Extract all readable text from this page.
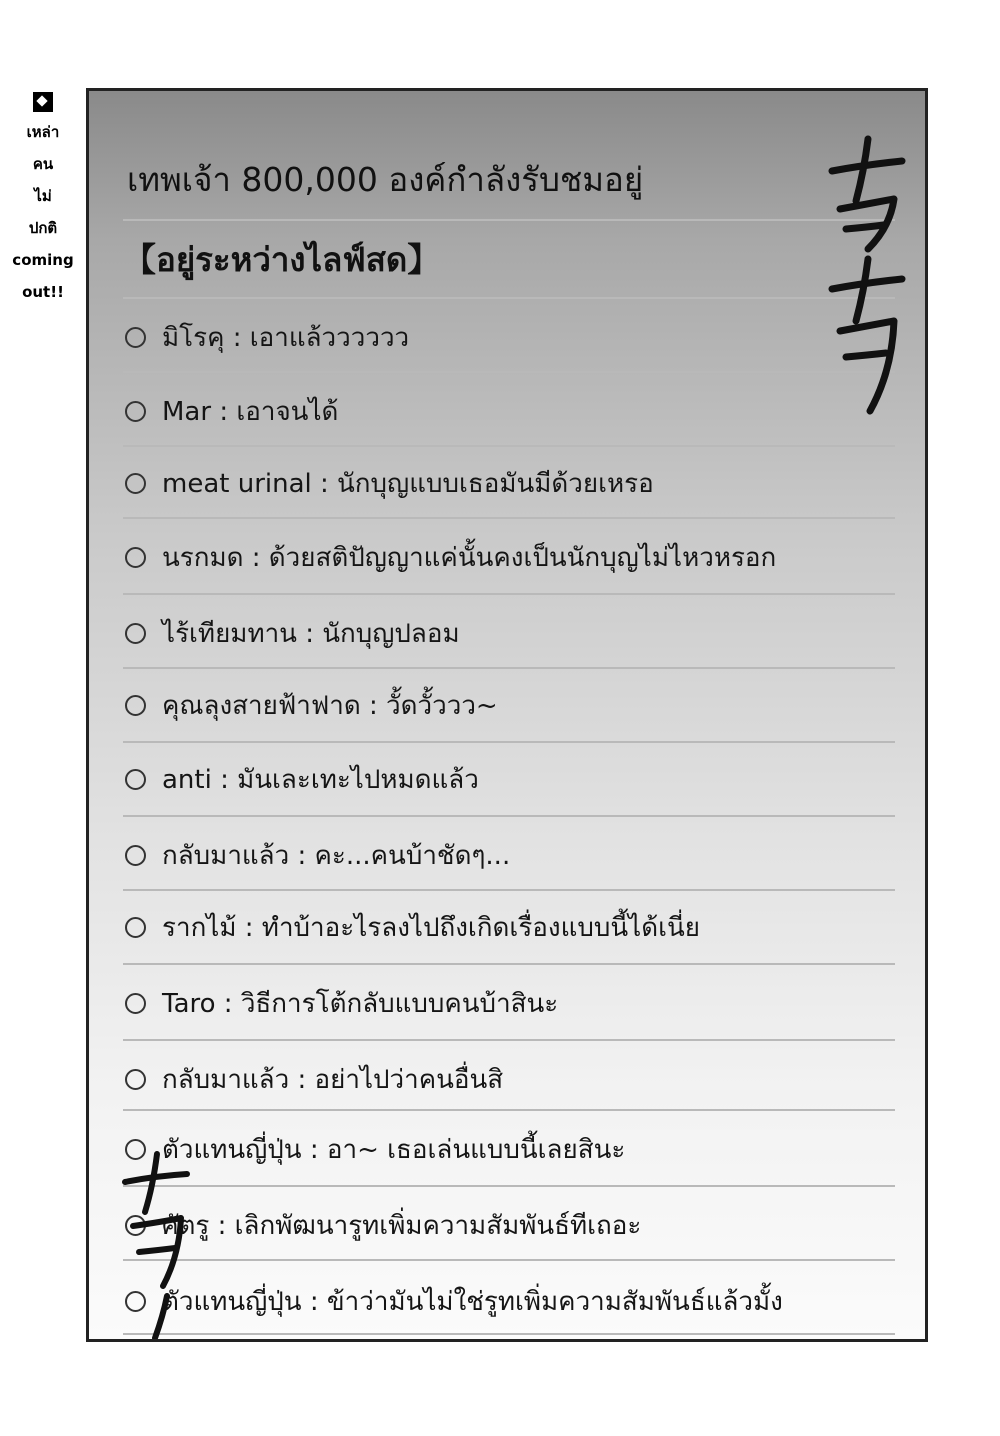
เหล่า
คน
ไม่
ปกติ
coming
out!!
เทพเจ้า 800,000 องค์กำลังรับชมอยู่
【อยู่ระหว่างไลฟ์สด】
มิโรคุ : เอาแล้วววววว
Mar : เอาจนได้
meat urinal : นักบุญแบบเธอมันมีด้วยเหรอ
นรกมด : ด้วยสติปัญญาแค่นั้นคงเป็นนักบุญไม่ไหวหรอก
ไร้เทียมทาน : นักบุญปลอม
คุณลุงสายฟ้าฟาด : วั้ดวั้ววว~
anti : มันเละเทะไปหมดแล้ว
กลับมาแล้ว : คะ...คนบ้าชัดๆ...
รากไม้ : ทำบ้าอะไรลงไปถึงเกิดเรื่องแบบนี้ได้เนี่ย
Taro : วิธีการโต้กลับแบบคนบ้าสินะ
กลับมาแล้ว : อย่าไปว่าคนอื่นสิ
ตัวแทนญี่ปุ่น : อา~ เธอเล่นแบบนี้เลยสินะ
ศัตรู : เลิกพัฒนารูทเพิ่มความสัมพันธ์ทีเถอะ
ตัวแทนญี่ปุ่น : ข้าว่ามันไม่ใช่รูทเพิ่มความสัมพันธ์แล้วมั้ง
